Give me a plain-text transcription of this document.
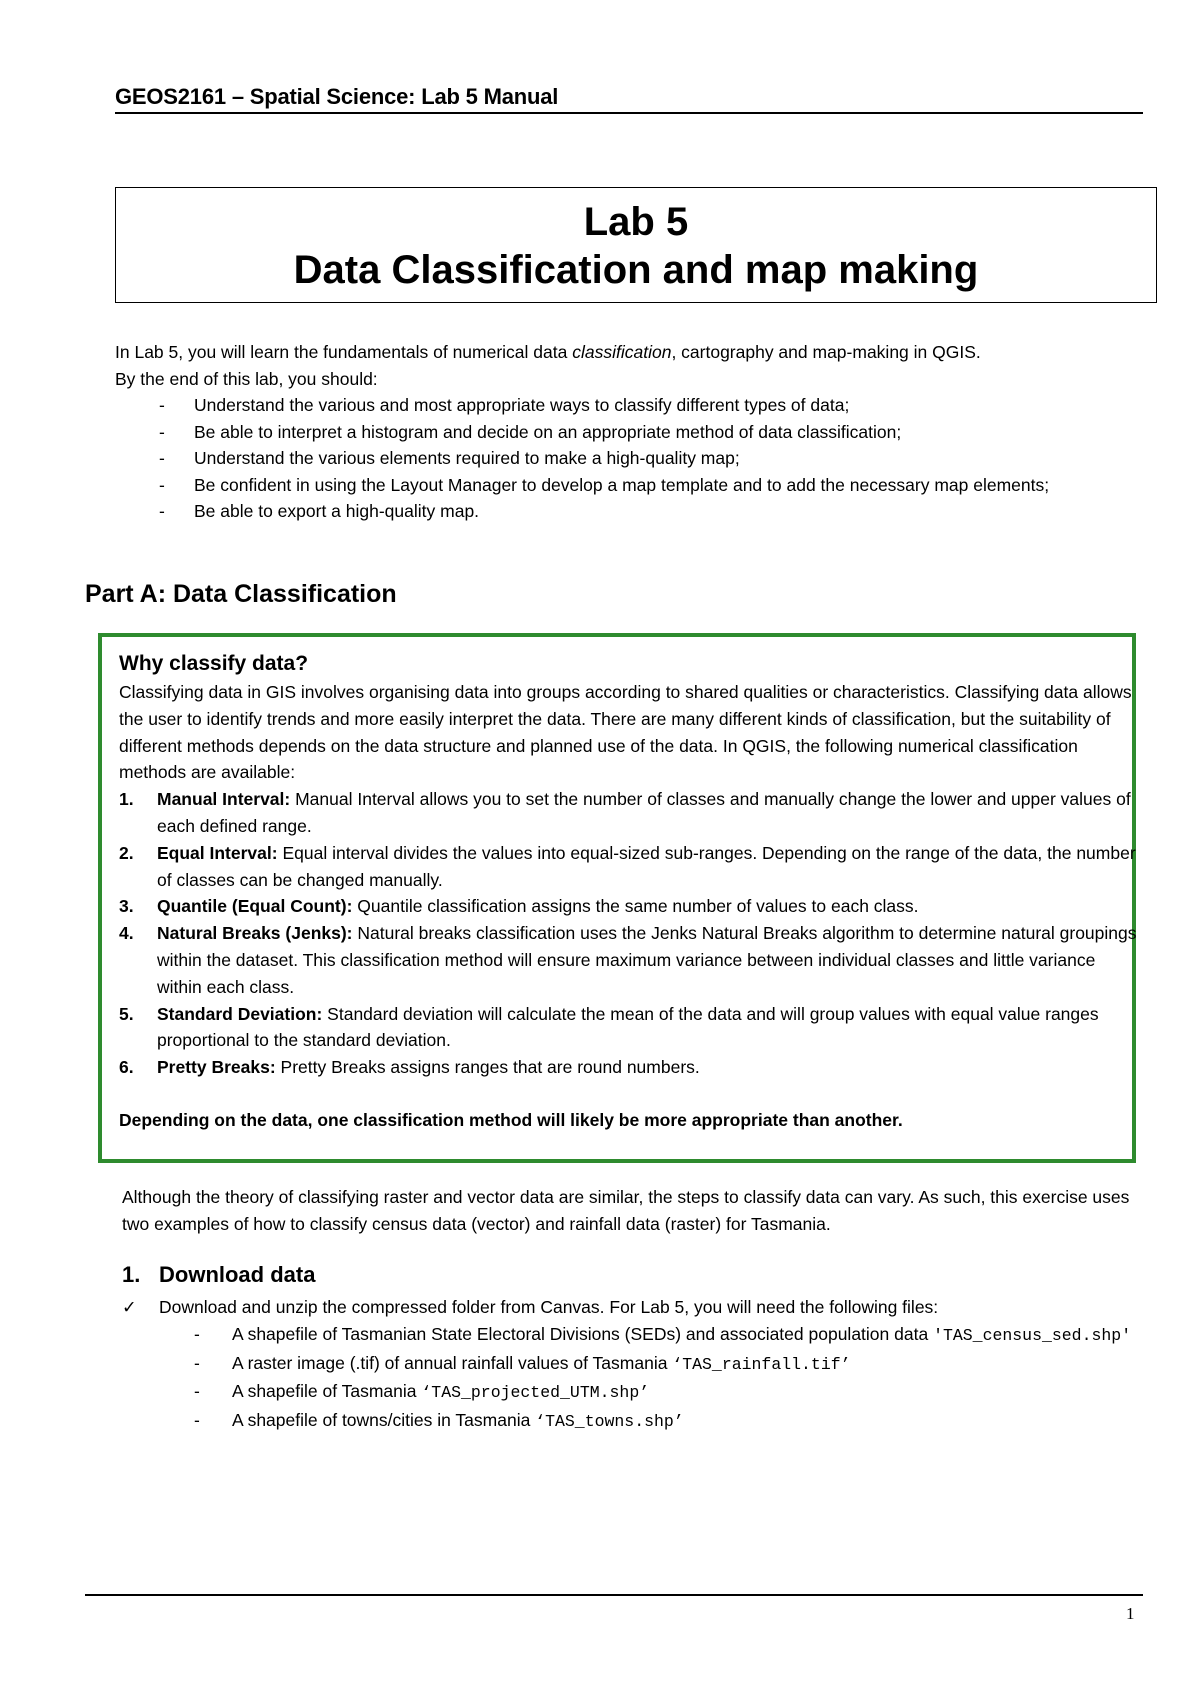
GEOS2161 – Spatial Science: Lab 5 Manual
Lab 5
Data Classification and map making

In Lab 5, you will learn the fundamentals of numerical data classification, cartography and map-making in QGIS.

By the end of this lab, you should:

- Understand the various and most appropriate ways to classify different types of data;
- Be able to interpret a histogram and decide on an appropriate method of data classification;
- Understand the various elements required to make a high-quality map;
- Be confident in using the Layout Manager to develop a map template and to add the necessary map elements;
- Be able to export a high-quality map.
Part A: Data Classification
Why classify data?

Classifying data in GIS involves organising data into groups according to shared qualities or characteristics. Classifying data allows the user to identify trends and more easily interpret the data. There are many different kinds of classification, but the suitability of different methods depends on the data structure and planned use of the data. In QGIS, the following numerical classification methods are available:

1. Manual Interval: Manual Interval allows you to set the number of classes and manually change the lower and upper values of each defined range.
2. Equal Interval: Equal interval divides the values into equal-sized sub-ranges. Depending on the range of the data, the number of classes can be changed manually.
3. Quantile (Equal Count): Quantile classification assigns the same number of values to each class.
4. Natural Breaks (Jenks): Natural breaks classification uses the Jenks Natural Breaks algorithm to determine natural groupings within the dataset. This classification method will ensure maximum variance between individual classes and little variance within each class.
5. Standard Deviation: Standard deviation will calculate the mean of the data and will group values with equal value ranges proportional to the standard deviation.
6. Pretty Breaks: Pretty Breaks assigns ranges that are round numbers.

Depending on the data, one classification method will likely be more appropriate than another.

Although the theory of classifying raster and vector data are similar, the steps to classify data can vary. As such, this exercise uses two examples of how to classify census data (vector) and rainfall data (raster) for Tasmania.

1. Download data
✓ Download and unzip the compressed folder from Canvas. For Lab 5, you will need the following files:
- A shapefile of Tasmanian State Electoral Divisions (SEDs) and associated population data 'TAS_census_sed.shp'
- A raster image (.tif) of annual rainfall values of Tasmania ‘TAS_rainfall.tif’
- A shapefile of Tasmania ‘TAS_projected_UTM.shp’
- A shapefile of towns/cities in Tasmania ‘TAS_towns.shp’
1
